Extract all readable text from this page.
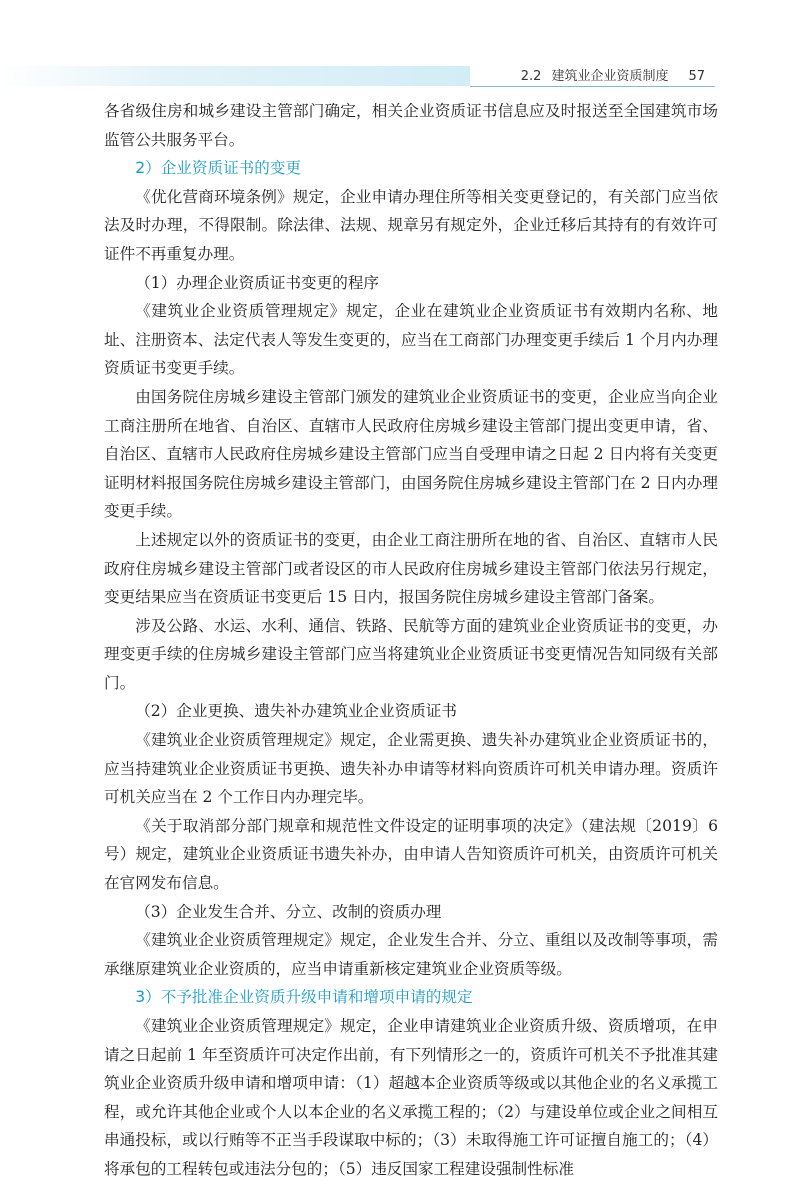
2.2 建筑业企业资质制度 57

各省级住房和城乡建设主管部门确定，相关企业资质证书信息应及时报送至全国建筑市场监管公共服务平台。

2）企业资质证书的变更

《优化营商环境条例》规定，企业申请办理住所等相关变更登记的，有关部门应当依法及时办理，不得限制。除法律、法规、规章另有规定外，企业迁移后其持有的有效许可证件不再重复办理。

（1）办理企业资质证书变更的程序

《建筑业企业资质管理规定》规定，企业在建筑业企业资质证书有效期内名称、地址、注册资本、法定代表人等发生变更的，应当在工商部门办理变更手续后 1 个月内办理资质证书变更手续。

由国务院住房城乡建设主管部门颁发的建筑业企业资质证书的变更，企业应当向企业工商注册所在地省、自治区、直辖市人民政府住房城乡建设主管部门提出变更申请，省、自治区、直辖市人民政府住房城乡建设主管部门应当自受理申请之日起 2 日内将有关变更证明材料报国务院住房城乡建设主管部门，由国务院住房城乡建设主管部门在 2 日内办理变更手续。

上述规定以外的资质证书的变更，由企业工商注册所在地的省、自治区、直辖市人民政府住房城乡建设主管部门或者设区的市人民政府住房城乡建设主管部门依法另行规定，变更结果应当在资质证书变更后 15 日内，报国务院住房城乡建设主管部门备案。

涉及公路、水运、水利、通信、铁路、民航等方面的建筑业企业资质证书的变更，办理变更手续的住房城乡建设主管部门应当将建筑业企业资质证书变更情况告知同级有关部门。

（2）企业更换、遗失补办建筑业企业资质证书

《建筑业企业资质管理规定》规定，企业需更换、遗失补办建筑业企业资质证书的，应当持建筑业企业资质证书更换、遗失补办申请等材料向资质许可机关申请办理。资质许可机关应当在 2 个工作日内办理完毕。

《关于取消部分部门规章和规范性文件设定的证明事项的决定》（建法规〔2019〕6 号）规定，建筑业企业资质证书遗失补办，由申请人告知资质许可机关，由资质许可机关在官网发布信息。

（3）企业发生合并、分立、改制的资质办理

《建筑业企业资质管理规定》规定，企业发生合并、分立、重组以及改制等事项，需承继原建筑业企业资质的，应当申请重新核定建筑业企业资质等级。

3）不予批准企业资质升级申请和增项申请的规定

《建筑业企业资质管理规定》规定，企业申请建筑业企业资质升级、资质增项，在申请之日起前 1 年至资质许可决定作出前，有下列情形之一的，资质许可机关不予批准其建筑业企业资质升级申请和增项申请：（1）超越本企业资质等级或以其他企业的名义承揽工程，或允许其他企业或个人以本企业的名义承揽工程的；（2）与建设单位或企业之间相互串通投标，或以行贿等不正当手段谋取中标的；（3）未取得施工许可证擅自施工的；（4）将承包的工程转包或违法分包的；（5）违反国家工程建设强制性标准
